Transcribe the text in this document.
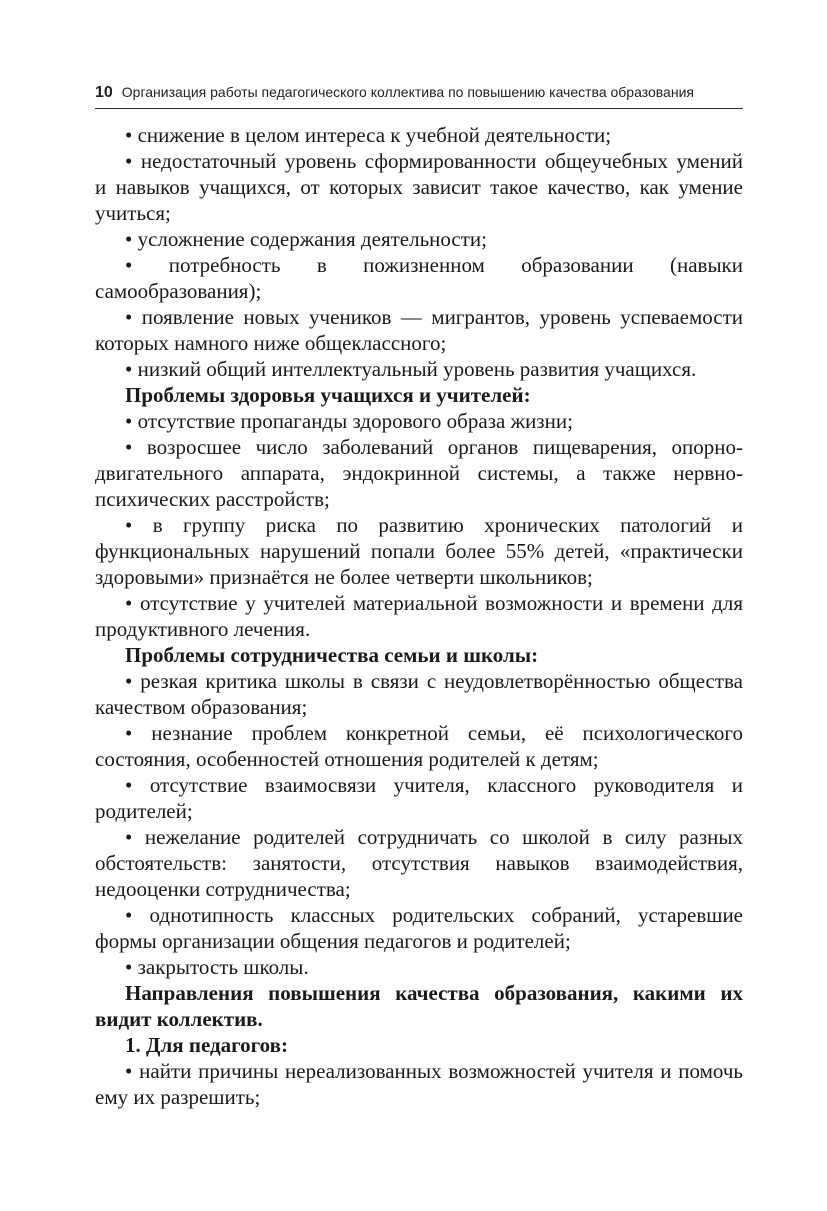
10 Организация работы педагогического коллектива по повышению качества образования

• снижение в целом интереса к учебной деятельности;

• недостаточный уровень сформированности общеучебных умений и навыков учащихся, от которых зависит такое качество, как умение учиться;

• усложнение содержания деятельности;

• потребность в пожизненном образовании (навыки самообразования);

• появление новых учеников — мигрантов, уровень успеваемости которых намного ниже общеклассного;

• низкий общий интеллектуальный уровень развития учащихся.

Проблемы здоровья учащихся и учителей:

• отсутствие пропаганды здорового образа жизни;

• возросшее число заболеваний органов пищеварения, опорно-двигательного аппарата, эндокринной системы, а также нервно-психических расстройств;

• в группу риска по развитию хронических патологий и функциональных нарушений попали более 55% детей, «практически здоровыми» признаётся не более четверти школьников;

• отсутствие у учителей материальной возможности и времени для продуктивного лечения.

Проблемы сотрудничества семьи и школы:

• резкая критика школы в связи с неудовлетворённостью общества качеством образования;

• незнание проблем конкретной семьи, её психологического состояния, особенностей отношения родителей к детям;

• отсутствие взаимосвязи учителя, классного руководителя и родителей;

• нежелание родителей сотрудничать со школой в силу разных обстоятельств: занятости, отсутствия навыков взаимодействия, недооценки сотрудничества;

• однотипность классных родительских собраний, устаревшие формы организации общения педагогов и родителей;

• закрытость школы.

Направления повышения качества образования, какими их видит коллектив.

1. Для педагогов:

• найти причины нереализованных возможностей учителя и помочь ему их разрешить;
